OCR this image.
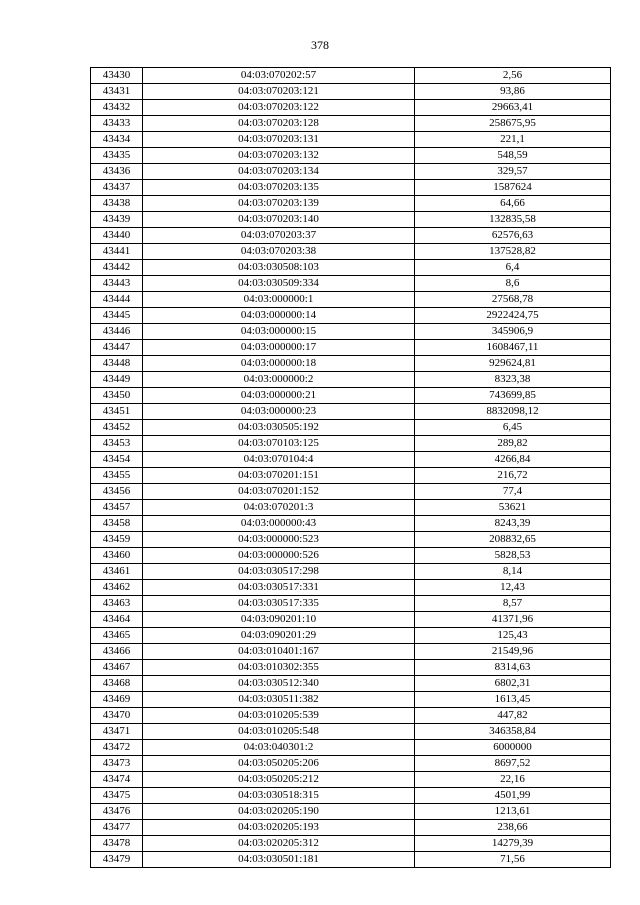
378
43430	04:03:070202:57	2,56
43431	04:03:070203:121	93,86
43432	04:03:070203:122	29663,41
43433	04:03:070203:128	258675,95
43434	04:03:070203:131	221,1
43435	04:03:070203:132	548,59
43436	04:03:070203:134	329,57
43437	04:03:070203:135	1587624
43438	04:03:070203:139	64,66
43439	04:03:070203:140	132835,58
43440	04:03:070203:37	62576,63
43441	04:03:070203:38	137528,82
43442	04:03:030508:103	6,4
43443	04:03:030509:334	8,6
43444	04:03:000000:1	27568,78
43445	04:03:000000:14	2922424,75
43446	04:03:000000:15	345906,9
43447	04:03:000000:17	1608467,11
43448	04:03:000000:18	929624,81
43449	04:03:000000:2	8323,38
43450	04:03:000000:21	743699,85
43451	04:03:000000:23	8832098,12
43452	04:03:030505:192	6,45
43453	04:03:070103:125	289,82
43454	04:03:070104:4	4266,84
43455	04:03:070201:151	216,72
43456	04:03:070201:152	77,4
43457	04:03:070201:3	53621
43458	04:03:000000:43	8243,39
43459	04:03:000000:523	208832,65
43460	04:03:000000:526	5828,53
43461	04:03:030517:298	8,14
43462	04:03:030517:331	12,43
43463	04:03:030517:335	8,57
43464	04:03:090201:10	41371,96
43465	04:03:090201:29	125,43
43466	04:03:010401:167	21549,96
43467	04:03:010302:355	8314,63
43468	04:03:030512:340	6802,31
43469	04:03:030511:382	1613,45
43470	04:03:010205:539	447,82
43471	04:03:010205:548	346358,84
43472	04:03:040301:2	6000000
43473	04:03:050205:206	8697,52
43474	04:03:050205:212	22,16
43475	04:03:030518:315	4501,99
43476	04:03:020205:190	1213,61
43477	04:03:020205:193	238,66
43478	04:03:020205:312	14279,39
43479	04:03:030501:181	71,56
